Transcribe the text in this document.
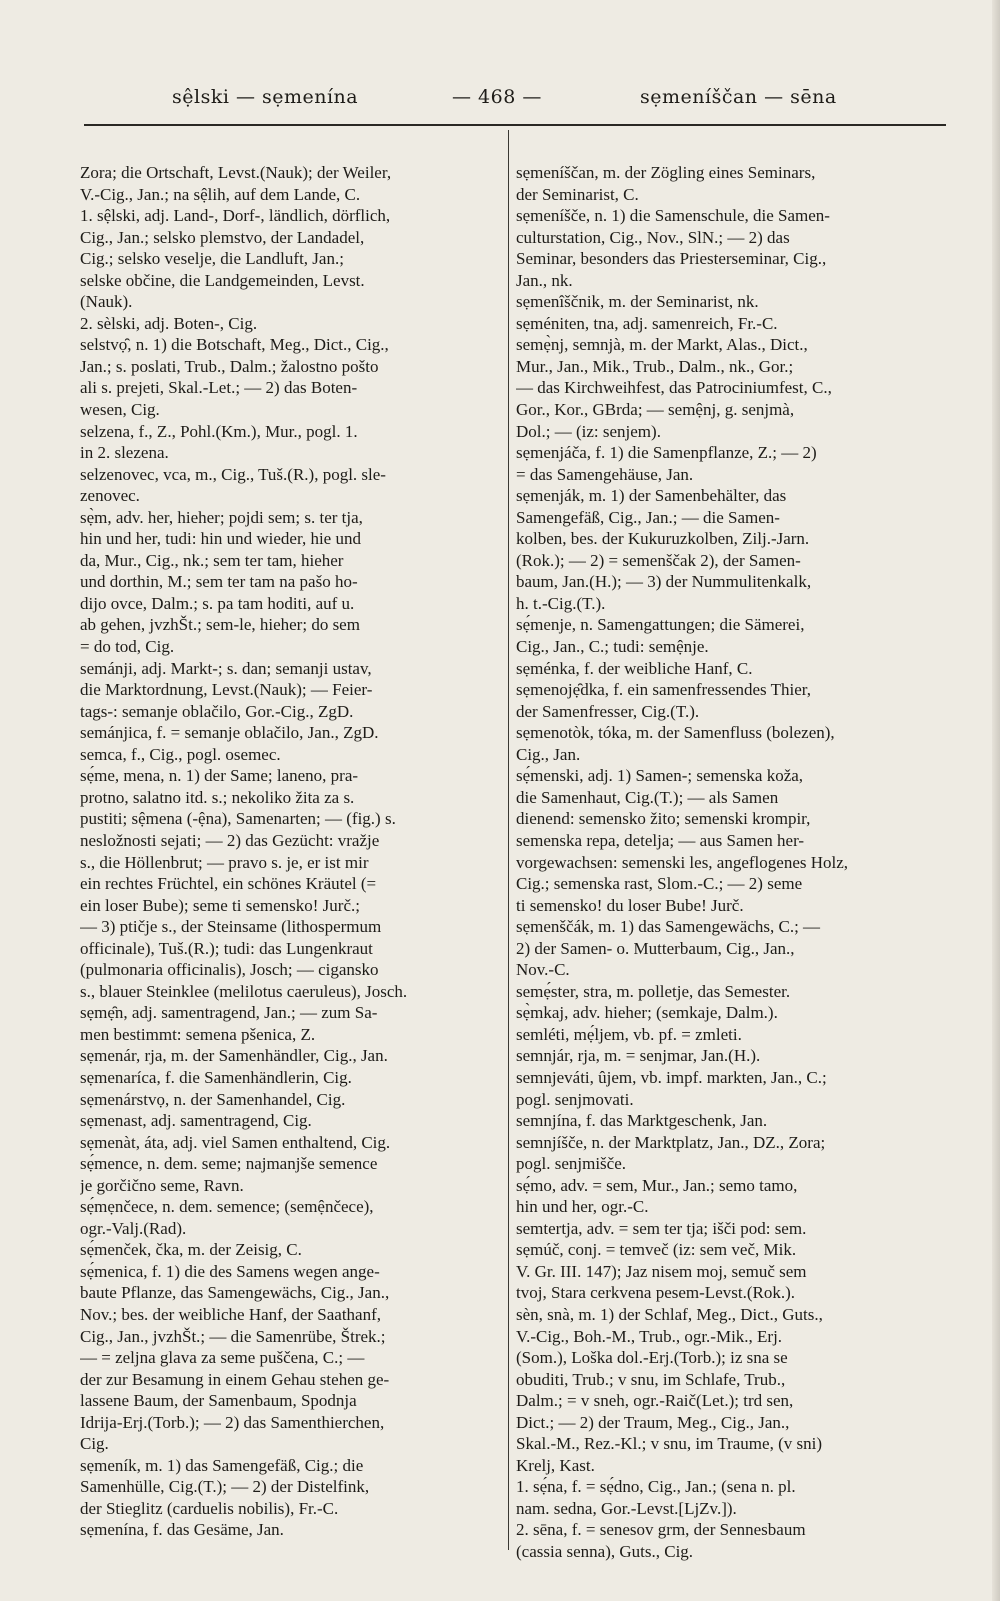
sệlski — sẹmenína	— 468 —	sẹmeníščan — sēna
Zora; die Ortschaft, Levst.(Nauk); der Weiler,
V.-Cig., Jan.; na sệlih, auf dem Lande, C.
1. sệlski, adj. Land-, Dorf-, ländlich, dörflich,
Cig., Jan.; selsko plemstvo, der Landadel,
Cig.; selsko veselje, die Landluft, Jan.;
selske občine, die Landgemeinden, Levst.
(Nauk).
2. sèlski, adj. Boten-, Cig.
selstvọ̑, n. 1) die Botschaft, Meg., Dict., Cig.,
Jan.; s. poslati, Trub., Dalm.; žalostno pošto
ali s. prejeti, Skal.-Let.; — 2) das Boten-
wesen, Cig.
selzena, f., Z., Pohl.(Km.), Mur., pogl. 1.
in 2. slezena.
selzenovec, vca, m., Cig., Tuš.(R.), pogl. sle-
zenovec.
sẹ̀m, adv. her, hieher; pojdi sem; s. ter tja,
hin und her, tudi: hin und wieder, hie und
da, Mur., Cig., nk.; sem ter tam, hieher
und dorthin, M.; sem ter tam na pašo ho-
dijo ovce, Dalm.; s. pa tam hoditi, auf u.
ab gehen, jvzhŠt.; sem-le, hieher; do sem
= do tod, Cig.
semánji, adj. Markt-; s. dan; semanji ustav,
die Marktordnung, Levst.(Nauk); — Feier-
tags-: semanje oblačilo, Gor.-Cig., ZgD.
semánjica, f. = semanje oblačilo, Jan., ZgD.
semca, f., Cig., pogl. osemec.
sẹ́me, mena, n. 1) der Same; laneno, pra-
protno, salatno itd. s.; nekoliko žita za s.
pustiti; sệmena (-ệna), Samenarten; — (fig.) s.
nesložnosti sejati; — 2) das Gezücht: vražje
s., die Höllenbrut; — pravo s. je, er ist mir
ein rechtes Früchtel, ein schönes Kräutel (=
ein loser Bube); seme ti semensko! Jurč.;
— 3) ptičje s., der Steinsame (lithospermum
officinale), Tuš.(R.); tudi: das Lungenkraut
(pulmonaria officinalis), Josch; — cigansko
s., blauer Steinklee (melilotus caeruleus), Josch.
sẹmẹ̑n, adj. samentragend, Jan.; — zum Sa-
men bestimmt: semena pšenica, Z.
sẹmenár, rja, m. der Samenhändler, Cig., Jan.
sẹmenaríca, f. die Samenhändlerin, Cig.
sẹmenárstvọ, n. der Samenhandel, Cig.
sẹmenast, adj. samentragend, Cig.
sẹmenàt, áta, adj. viel Samen enthaltend, Cig.
sẹ́mence, n. dem. seme; najmanjše semence
je gorčično seme, Ravn.
sẹ́mẹnčece, n. dem. semence; (semệnčece),
ogr.-Valj.(Rad).
sẹ́menček, čka, m. der Zeisig, C.
sẹ́menica, f. 1) die des Samens wegen ange-
baute Pflanze, das Samengewächs, Cig., Jan.,
Nov.; bes. der weibliche Hanf, der Saathanf,
Cig., Jan., jvzhŠt.; — die Samenrübe, Štrek.;
— = zeljna glava za seme puščena, C.; —
der zur Besamung in einem Gehau stehen ge-
lassene Baum, der Samenbaum, Spodnja
Idrija-Erj.(Torb.); — 2) das Samenthierchen,
Cig.
sẹmeník, m. 1) das Samengefäß, Cig.; die
Samenhülle, Cig.(T.); — 2) der Distelfink,
der Stieglitz (carduelis nobilis), Fr.-C.
sẹmenína, f. das Gesäme, Jan.
sẹmeníščan, m. der Zögling eines Seminars,
der Seminarist, C.
sẹmeníšče, n. 1) die Samenschule, die Samen-
culturstation, Cig., Nov., SlN.; — 2) das
Seminar, besonders das Priesterseminar, Cig.,
Jan., nk.
sẹmenîščnik, m. der Seminarist, nk.
sẹméniten, tna, adj. samenreich, Fr.-C.
semẹ̀nj, semnjà, m. der Markt, Alas., Dict.,
Mur., Jan., Mik., Trub., Dalm., nk., Gor.;
— das Kirchweihfest, das Patrociniumfest, C.,
Gor., Kor., GBrda; — semệnj, g. senjmà,
Dol.; — (iz: senjem).
sẹmenjáča, f. 1) die Samenpflanze, Z.; — 2)
= das Samengehäuse, Jan.
sẹmenják, m. 1) der Samenbehälter, das
Samengefäß, Cig., Jan.; — die Samen-
kolben, bes. der Kukuruzkolben, Zilj.-Jarn.
(Rok.); — 2) = semenščak 2), der Samen-
baum, Jan.(H.); — 3) der Nummulitenkalk,
h. t.-Cig.(T.).
sẹ́menje, n. Samengattungen; die Sämerei,
Cig., Jan., C.; tudi: semệnje.
sẹménka, f. der weibliche Hanf, C.
sẹmenojẹ̑dka, f. ein samenfressendes Thier,
der Samenfresser, Cig.(T.).
sẹmenotòk, tóka, m. der Samenfluss (bolezen),
Cig., Jan.
sẹ́menski, adj. 1) Samen-; semenska koža,
die Samenhaut, Cig.(T.); — als Samen
dienend: semensko žito; semenski krompir,
semenska repa, detelja; — aus Samen her-
vorgewachsen: semenski les, angeflogenes Holz,
Cig.; semenska rast, Slom.-C.; — 2) seme
ti semensko! du loser Bube! Jurč.
sẹmenščák, m. 1) das Samengewächs, C.; —
2) der Samen- o. Mutterbaum, Cig., Jan.,
Nov.-C.
semẹ́ster, stra, m. polletje, das Semester.
sẹ̀mkaj, adv. hieher; (semkaje, Dalm.).
semléti, mẹ́ljem, vb. pf. = zmleti.
semnjár, rja, m. = senjmar, Jan.(H.).
semnjeváti, ûjem, vb. impf. markten, Jan., C.;
pogl. senjmovati.
semnjína, f. das Marktgeschenk, Jan.
semnjíšče, n. der Marktplatz, Jan., DZ., Zora;
pogl. senjmišče.
sẹ́mo, adv. = sem, Mur., Jan.; semo tamo,
hin und her, ogr.-C.
semtertja, adv. = sem ter tja; išči pod: sem.
sẹmúč, conj. = temveč (iz: sem več, Mik.
V. Gr. III. 147); Jaz nisem moj, semuč sem
tvoj, Stara cerkvena pesem-Levst.(Rok.).
sèn, snà, m. 1) der Schlaf, Meg., Dict., Guts.,
V.-Cig., Boh.-M., Trub., ogr.-Mik., Erj.
(Som.), Loška dol.-Erj.(Torb.); iz sna se
obuditi, Trub.; v snu, im Schlafe, Trub.,
Dalm.; = v sneh, ogr.-Raič(Let.); trd sen,
Dict.; — 2) der Traum, Meg., Cig., Jan.,
Skal.-M., Rez.-Kl.; v snu, im Traume, (v sni)
Krelj, Kast.
1. sẹ́na, f. = sẹ́dno, Cig., Jan.; (sena n. pl.
nam. sedna, Gor.-Levst.[LjZv.]).
2. sēna, f. = senesov grm, der Sennesbaum
(cassia senna), Guts., Cig.
